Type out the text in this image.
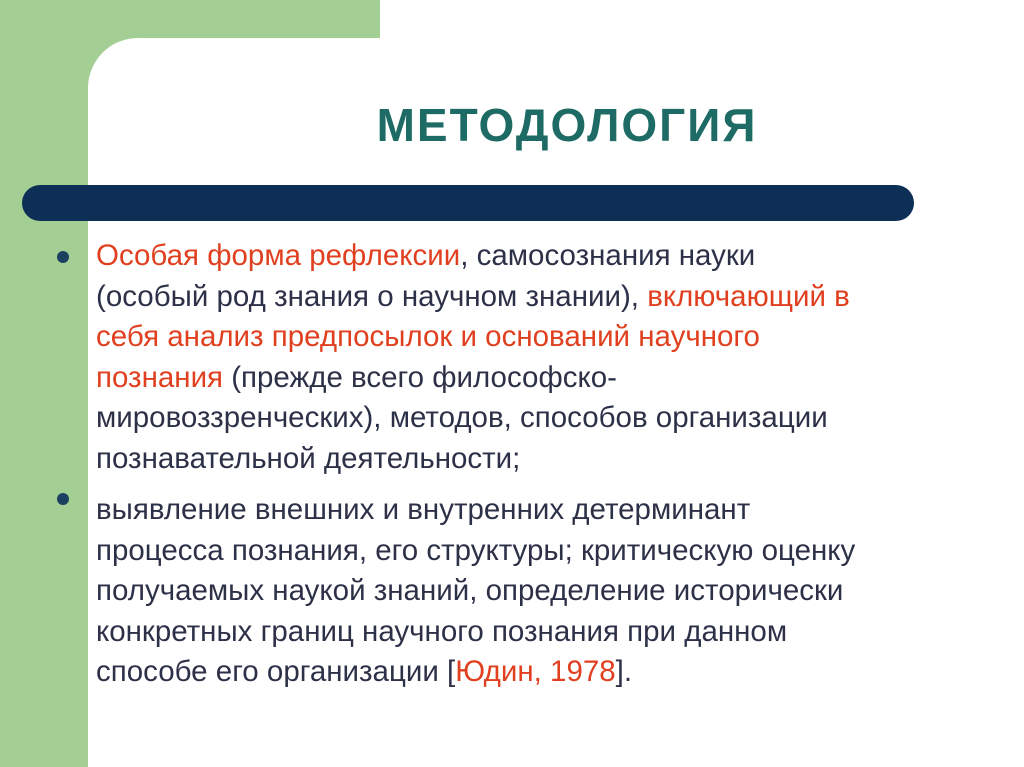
МЕТОДОЛОГИЯ
Особая форма рефлексии, самосознания науки
(особый род знания о научном знании), включающий в
себя анализ предпосылок и оснований научного
познания (прежде всего философско-
мировоззренческих), методов, способов организации
познавательной деятельности;
выявление внешних и внутренних детерминант
процесса познания, его структуры; критическую оценку
получаемых наукой знаний, определение исторически
конкретных границ научного познания при данном
способе его организации [Юдин, 1978].
